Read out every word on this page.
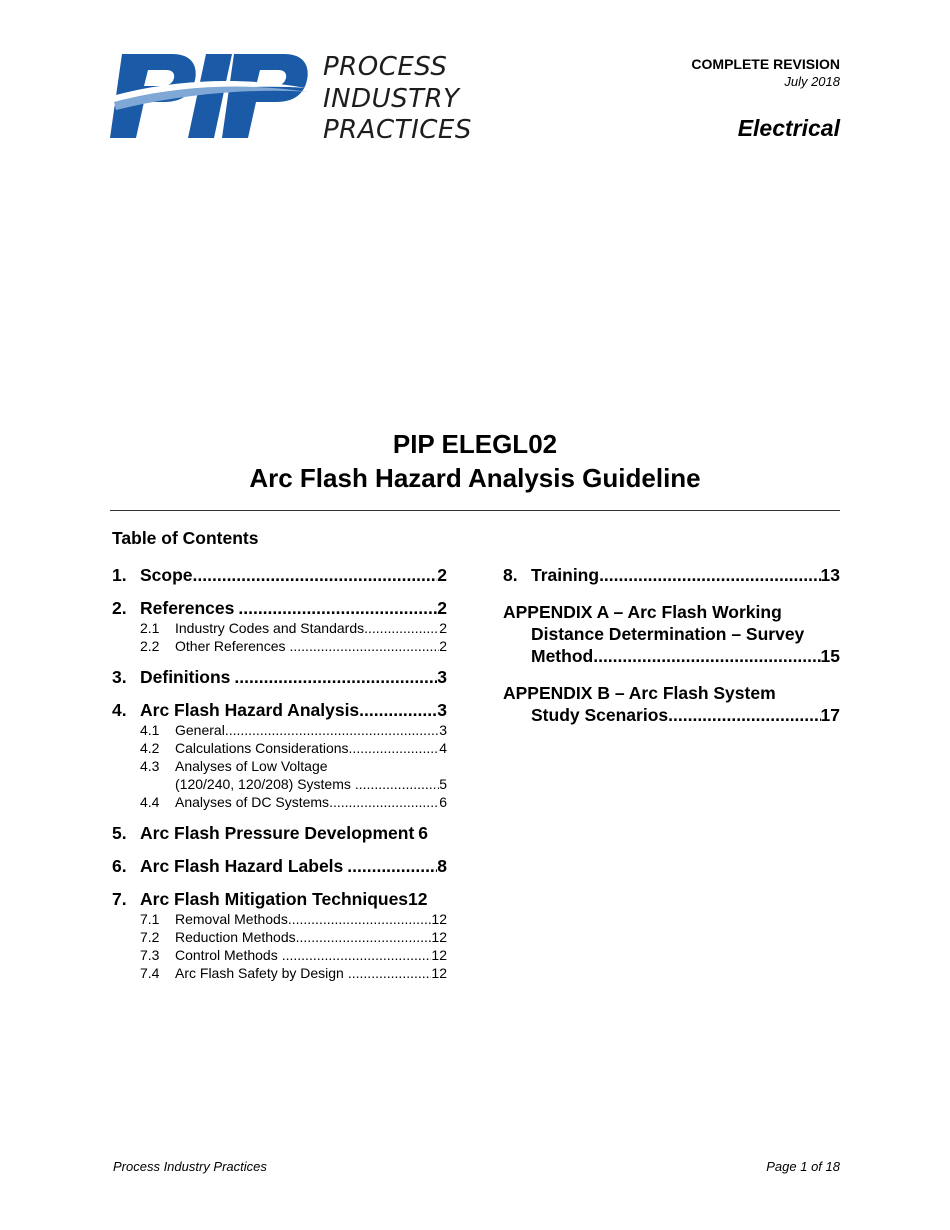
PROCESS
INDUSTRY
PRACTICES
COMPLETE REVISION
July 2018
Electrical
PIP ELEGL02
Arc Flash Hazard Analysis Guideline
Table of Contents
1. Scope .....	2
2. References .....	2
2.1	Industry Codes and Standards .....	2
2.2	Other References .....	2
3. Definitions .....	3
4. Arc Flash Hazard Analysis .....	3
4.1	General .....	3
4.2	Calculations Considerations .....	4
4.3	Analyses of Low Voltage
(120/240, 120/208) Systems .....	5
4.4	Analyses of DC Systems .....	6
5. Arc Flash Pressure Development 6
6. Arc Flash Hazard Labels .....	8
7. Arc Flash Mitigation Techniques 12
7.1	Removal Methods .....	12
7.2	Reduction Methods .....	12
7.3	Control Methods .....	12
7.4	Arc Flash Safety by Design .....	12
8. Training .....	13
APPENDIX A – Arc Flash Working
Distance Determination – Survey
Method .....	15
APPENDIX B – Arc Flash System
Study Scenarios .....	17
Process Industry Practices	Page 1 of 18
